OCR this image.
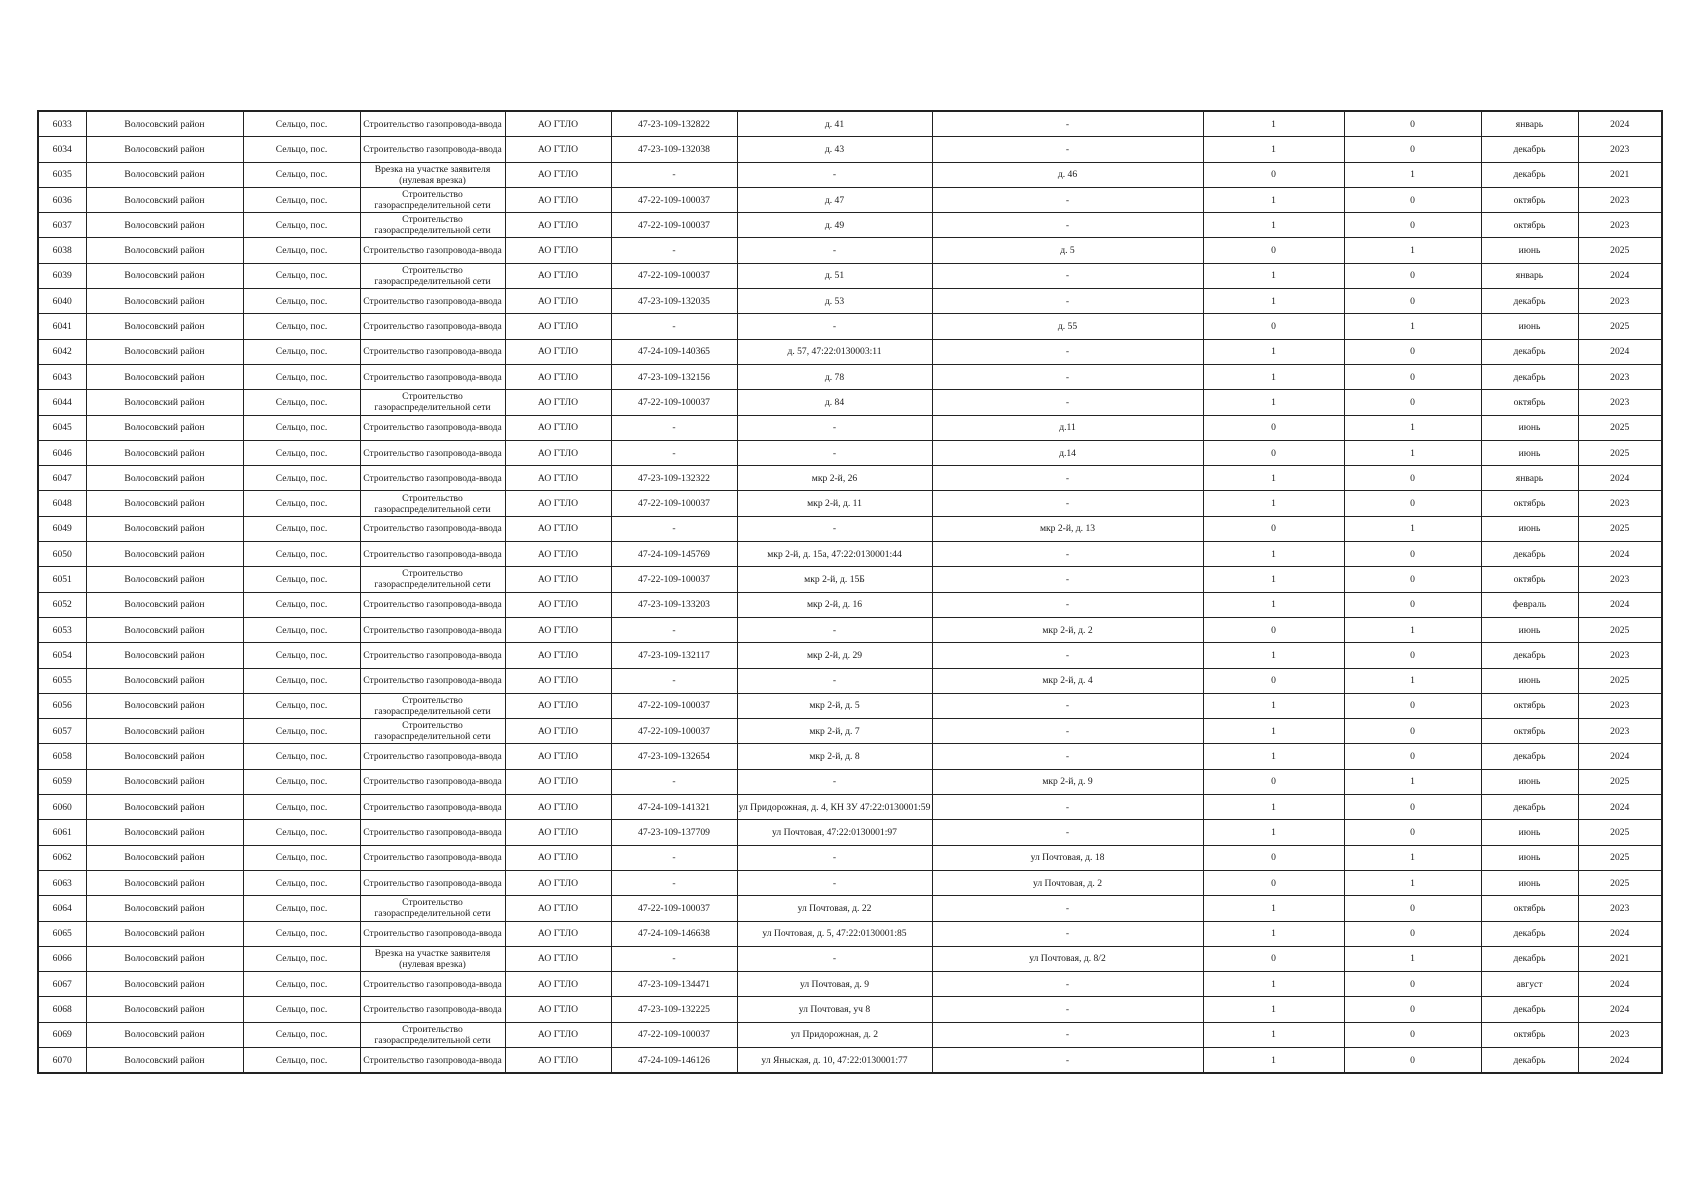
6033	Волосовский район	Сельцо, пос.	Строительство газопровода-ввода	АО ГТЛО	47-23-109-132822	д. 41	-	1	0	январь	2024
6034	Волосовский район	Сельцо, пос.	Строительство газопровода-ввода	АО ГТЛО	47-23-109-132038	д. 43	-	1	0	декабрь	2023
6035	Волосовский район	Сельцо, пос.	Врезка на участке заявителя (нулевая врезка)	АО ГТЛО	-	-	д. 46	0	1	декабрь	2021
6036	Волосовский район	Сельцо, пос.	Строительство газораспределительной сети	АО ГТЛО	47-22-109-100037	д. 47	-	1	0	октябрь	2023
6037	Волосовский район	Сельцо, пос.	Строительство газораспределительной сети	АО ГТЛО	47-22-109-100037	д. 49	-	1	0	октябрь	2023
6038	Волосовский район	Сельцо, пос.	Строительство газопровода-ввода	АО ГТЛО	-	-	д. 5	0	1	июнь	2025
6039	Волосовский район	Сельцо, пос.	Строительство газораспределительной сети	АО ГТЛО	47-22-109-100037	д. 51	-	1	0	январь	2024
6040	Волосовский район	Сельцо, пос.	Строительство газопровода-ввода	АО ГТЛО	47-23-109-132035	д. 53	-	1	0	декабрь	2023
6041	Волосовский район	Сельцо, пос.	Строительство газопровода-ввода	АО ГТЛО	-	-	д. 55	0	1	июнь	2025
6042	Волосовский район	Сельцо, пос.	Строительство газопровода-ввода	АО ГТЛО	47-24-109-140365	д. 57, 47:22:0130003:11	-	1	0	декабрь	2024
6043	Волосовский район	Сельцо, пос.	Строительство газопровода-ввода	АО ГТЛО	47-23-109-132156	д. 78	-	1	0	декабрь	2023
6044	Волосовский район	Сельцо, пос.	Строительство газораспределительной сети	АО ГТЛО	47-22-109-100037	д. 84	-	1	0	октябрь	2023
6045	Волосовский район	Сельцо, пос.	Строительство газопровода-ввода	АО ГТЛО	-	-	д.11	0	1	июнь	2025
6046	Волосовский район	Сельцо, пос.	Строительство газопровода-ввода	АО ГТЛО	-	-	д.14	0	1	июнь	2025
6047	Волосовский район	Сельцо, пос.	Строительство газопровода-ввода	АО ГТЛО	47-23-109-132322	мкр 2-й, 26	-	1	0	январь	2024
6048	Волосовский район	Сельцо, пос.	Строительство газораспределительной сети	АО ГТЛО	47-22-109-100037	мкр 2-й, д. 11	-	1	0	октябрь	2023
6049	Волосовский район	Сельцо, пос.	Строительство газопровода-ввода	АО ГТЛО	-	-	мкр 2-й, д. 13	0	1	июнь	2025
6050	Волосовский район	Сельцо, пос.	Строительство газопровода-ввода	АО ГТЛО	47-24-109-145769	мкр 2-й, д. 15а, 47:22:0130001:44	-	1	0	декабрь	2024
6051	Волосовский район	Сельцо, пос.	Строительство газораспределительной сети	АО ГТЛО	47-22-109-100037	мкр 2-й, д. 15Б	-	1	0	октябрь	2023
6052	Волосовский район	Сельцо, пос.	Строительство газопровода-ввода	АО ГТЛО	47-23-109-133203	мкр 2-й, д. 16	-	1	0	февраль	2024
6053	Волосовский район	Сельцо, пос.	Строительство газопровода-ввода	АО ГТЛО	-	-	мкр 2-й, д. 2	0	1	июнь	2025
6054	Волосовский район	Сельцо, пос.	Строительство газопровода-ввода	АО ГТЛО	47-23-109-132117	мкр 2-й, д. 29	-	1	0	декабрь	2023
6055	Волосовский район	Сельцо, пос.	Строительство газопровода-ввода	АО ГТЛО	-	-	мкр 2-й, д. 4	0	1	июнь	2025
6056	Волосовский район	Сельцо, пос.	Строительство газораспределительной сети	АО ГТЛО	47-22-109-100037	мкр 2-й, д. 5	-	1	0	октябрь	2023
6057	Волосовский район	Сельцо, пос.	Строительство газораспределительной сети	АО ГТЛО	47-22-109-100037	мкр 2-й, д. 7	-	1	0	октябрь	2023
6058	Волосовский район	Сельцо, пос.	Строительство газопровода-ввода	АО ГТЛО	47-23-109-132654	мкр 2-й, д. 8	-	1	0	декабрь	2024
6059	Волосовский район	Сельцо, пос.	Строительство газопровода-ввода	АО ГТЛО	-	-	мкр 2-й, д. 9	0	1	июнь	2025
6060	Волосовский район	Сельцо, пос.	Строительство газопровода-ввода	АО ГТЛО	47-24-109-141321	ул Придорожная, д. 4, КН ЗУ 47:22:0130001:59	-	1	0	декабрь	2024
6061	Волосовский район	Сельцо, пос.	Строительство газопровода-ввода	АО ГТЛО	47-23-109-137709	ул Почтовая, 47:22:0130001:97	-	1	0	июнь	2025
6062	Волосовский район	Сельцо, пос.	Строительство газопровода-ввода	АО ГТЛО	-	-	ул Почтовая, д. 18	0	1	июнь	2025
6063	Волосовский район	Сельцо, пос.	Строительство газопровода-ввода	АО ГТЛО	-	-	ул Почтовая, д. 2	0	1	июнь	2025
6064	Волосовский район	Сельцо, пос.	Строительство газораспределительной сети	АО ГТЛО	47-22-109-100037	ул Почтовая, д. 22	-	1	0	октябрь	2023
6065	Волосовский район	Сельцо, пос.	Строительство газопровода-ввода	АО ГТЛО	47-24-109-146638	ул Почтовая, д. 5, 47:22:0130001:85	-	1	0	декабрь	2024
6066	Волосовский район	Сельцо, пос.	Врезка на участке заявителя (нулевая врезка)	АО ГТЛО	-	-	ул Почтовая, д. 8/2	0	1	декабрь	2021
6067	Волосовский район	Сельцо, пос.	Строительство газопровода-ввода	АО ГТЛО	47-23-109-134471	ул Почтовая, д. 9	-	1	0	август	2024
6068	Волосовский район	Сельцо, пос.	Строительство газопровода-ввода	АО ГТЛО	47-23-109-132225	ул Почтовая, уч 8	-	1	0	декабрь	2024
6069	Волосовский район	Сельцо, пос.	Строительство газораспределительной сети	АО ГТЛО	47-22-109-100037	ул Придорожная, д. 2	-	1	0	октябрь	2023
6070	Волосовский район	Сельцо, пос.	Строительство газопровода-ввода	АО ГТЛО	47-24-109-146126	ул Яныская, д. 10, 47:22:0130001:77	-	1	0	декабрь	2024
